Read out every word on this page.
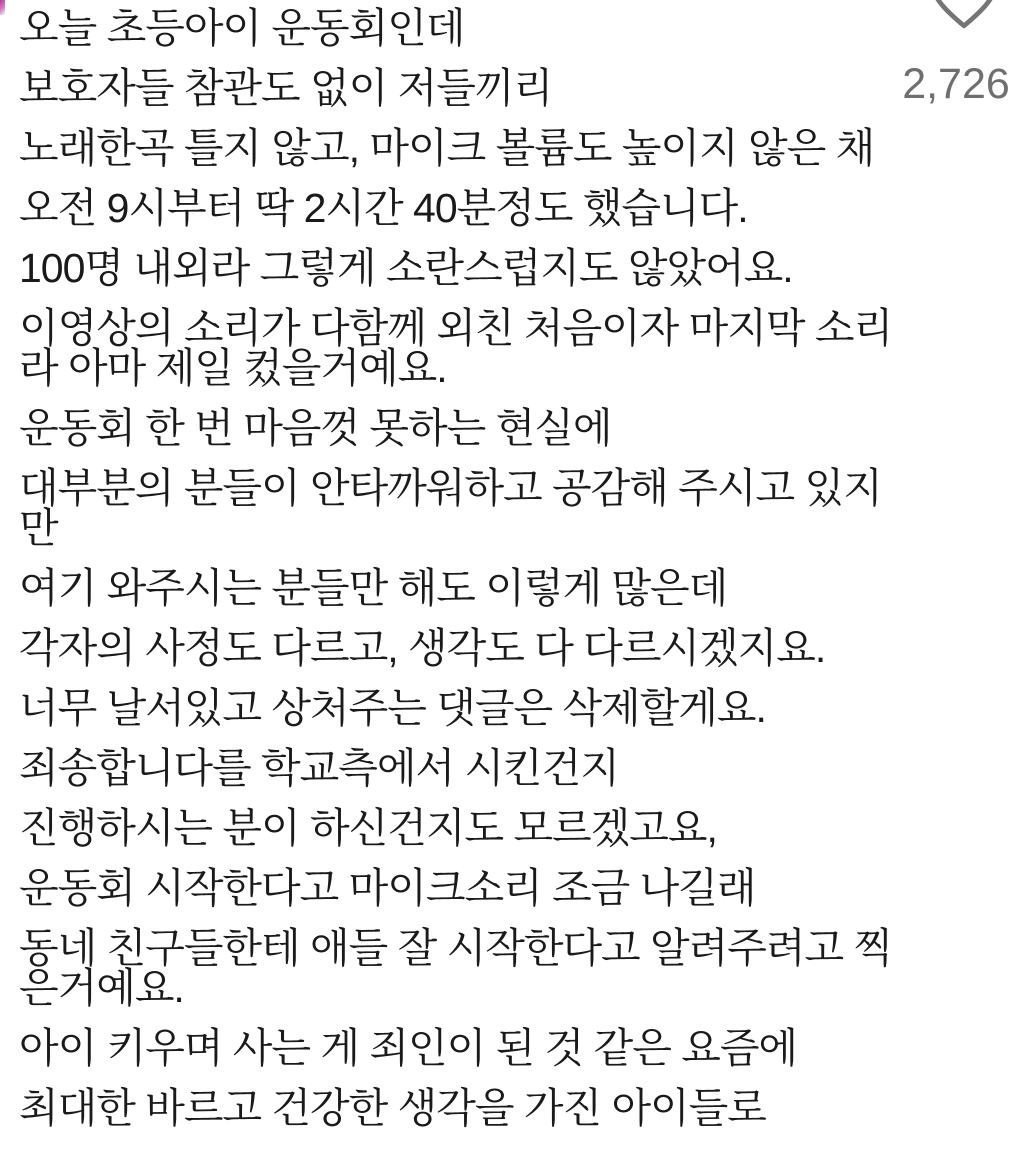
오늘 초등아이 운동회인데
보호자들 참관도 없이 저들끼리
노래한곡 틀지 않고, 마이크 볼륨도 높이지 않은 채
오전 9시부터 딱 2시간 40분정도 했습니다.
100명 내외라 그렇게 소란스럽지도 않았어요.
이영상의 소리가 다함께 외친 처음이자 마지막 소리
라 아마 제일 컸을거예요.
운동회 한 번 마음껏 못하는 현실에
대부분의 분들이 안타까워하고 공감해 주시고 있지
만
여기 와주시는 분들만 해도 이렇게 많은데
각자의 사정도 다르고, 생각도 다 다르시겠지요.
너무 날서있고 상처주는 댓글은 삭제할게요.
죄송합니다를 학교측에서 시킨건지
진행하시는 분이 하신건지도 모르겠고요,
운동회 시작한다고 마이크소리 조금 나길래
동네 친구들한테 애들 잘 시작한다고 알려주려고 찍
은거예요.
아이 키우며 사는 게 죄인이 된 것 같은 요즘에
최대한 바르고 건강한 생각을 가진 아이들로
2,726
